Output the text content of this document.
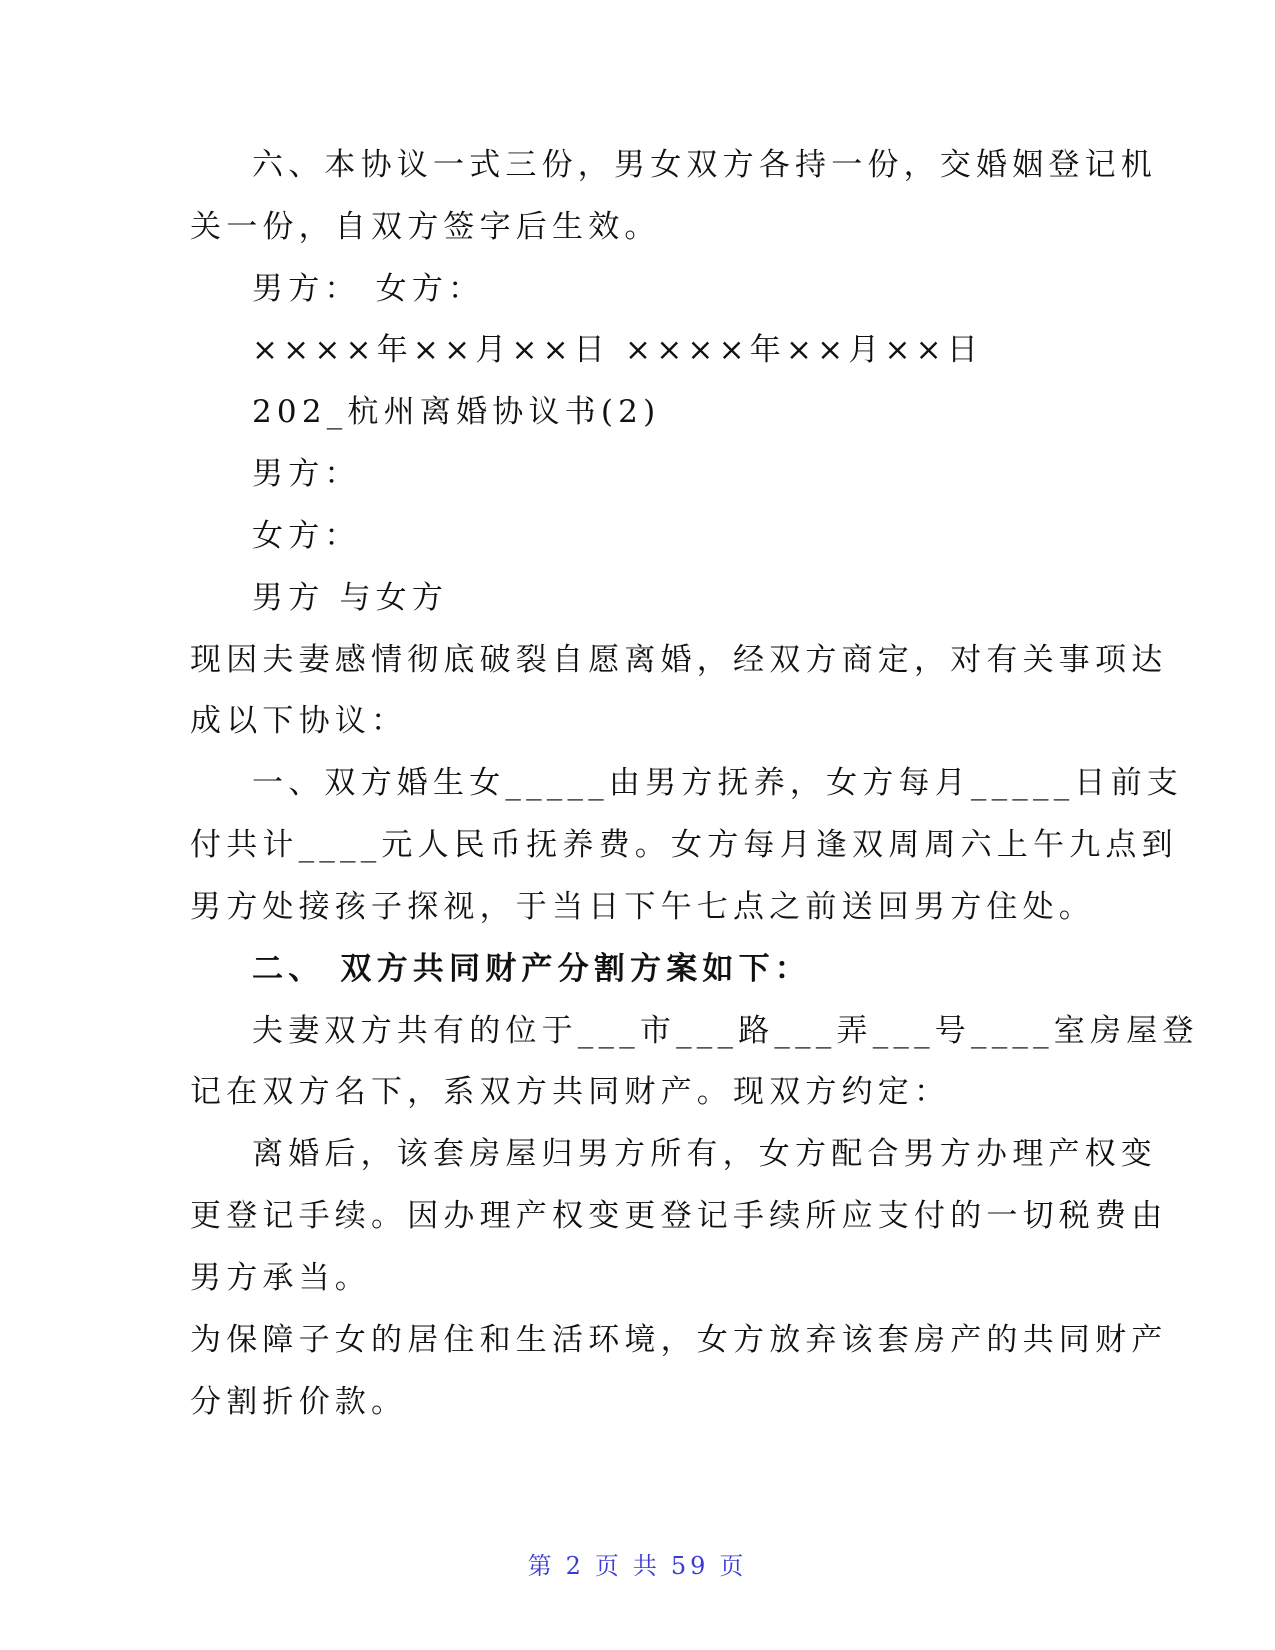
六、本协议一式三份，男女双方各持一份，交婚姻登记机

关一份，自双方签字后生效。

男方： 女方：

××××年××月××日 ××××年××月××日

202_杭州离婚协议书(2)

男方：

女方：

男方 与女方

现因夫妻感情彻底破裂自愿离婚，经双方商定，对有关事项达

成以下协议：

一、双方婚生女_____由男方抚养，女方每月_____日前支

付共计____元人民币抚养费。女方每月逢双周周六上午九点到

男方处接孩子探视，于当日下午七点之前送回男方住处。

二、 双方共同财产分割方案如下：

夫妻双方共有的位于___市___路___弄___号____室房屋登

记在双方名下，系双方共同财产。现双方约定：

离婚后，该套房屋归男方所有，女方配合男方办理产权变

更登记手续。因办理产权变更登记手续所应支付的一切税费由

男方承当。

为保障子女的居住和生活环境，女方放弃该套房产的共同财产

分割折价款。

第 2 页 共 59 页
